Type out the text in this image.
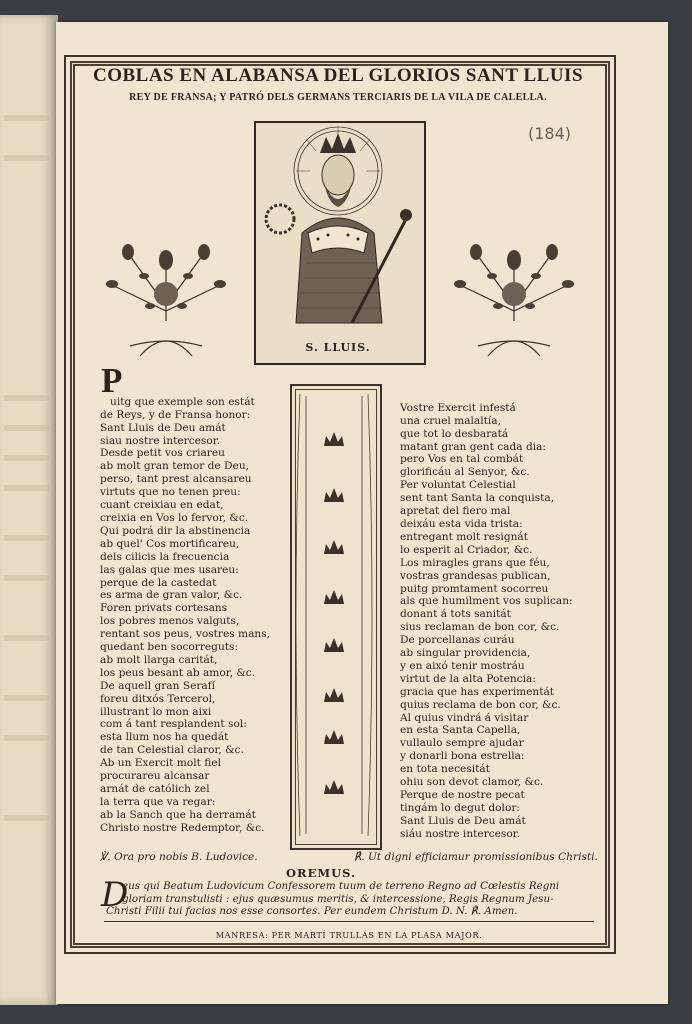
COBLAS EN ALABANSA DEL GLORIOS SANT LLUIS
REY DE FRANSA; Y PATRÓ DELS GERMANS TERCIARIS DE LA VILA DE CALELLA.
(184)
S. LLUIS.
P

uitg que exemple son estát
de Reys, y de Fransa honor:
Sant Lluis de Deu amát
siau nostre intercesor.
Desde petit vos criareu
ab molt gran temor de Deu,
perso, tant prest alcansareu
virtuts que no tenen preu:
cuant creixiau en edat,
creixia en Vos lo fervor, &c.
Qui podrá dir la abstinencia
ab quel' Cos mortificareu,
dels cilicis la frecuencia
las galas que mes usareu:
perque de la castedat
es arma de gran valor, &c.
Foren privats cortesans
los pobres menos valguts,
rentant sos peus, vostres mans,
quedant ben socorreguts:
ab molt llarga caritát,
los peus besant ab amor, &c.
De aquell gran Serafí
foreu ditxós Tercerol,
illustrant lo mon aixi
com á tant resplandent sol:
esta llum nos ha quedát
de tan Celestial claror, &c.
Ab un Exercit molt fiel
procurareu alcansar
arnát de católich zel
la terra que va regar:
ab la Sanch que ha derramát
Christo nostre Redemptor, &c.

Vostre Exercit infestá
una cruel malaltía,
que tot lo desbaratá
matant gran gent cada dia:
pero Vos en tal combát
glorificáu al Senyor, &c.
Per voluntat Celestial
sent tant Santa la conquista,
apretat del fiero mal
deixáu esta vida trista:
entregant molt resignát
lo esperit al Criador, &c.
Los miragles grans que féu,
vostras grandesas publican,
puitg promtament socorreu
als que humilment vos suplican:
donant á tots sanitát
sius reclaman de bon cor, &c.
De porcellanas curáu
ab singular providencia,
y en aixó tenir mostráu
virtut de la alta Potencia:
gracia que has experimentát
quius reclama de bon cor, &c.
Al quius vindrá á visitar
en esta Santa Capella,
vullaulo sempre ajudar
y donarli bona estrella:
en tota necesitát
ohiu son devot clamor, &c.
Perque de nostre pecat
tingám lo degut dolor:
Sant Lluis de Deu amát
siáu nostre intercesor.

℣. Ora pro nobis B. Ludovice.	℟. Ut digni efficiamur promissionibus Christi.
OREMUS.
D
eus qui Beatum Ludovicum Confessorem tuum de terreno Regno ad Cœlestis Regni
gloriam transtulisti : ejus quæsumus meritis, & intercessione, Regis Regnum Jesu-
Christi Filii tui facias nos esse consortes. Per eundem Christum D. N. ℟. Amen.
MANRESA: PER MARTÍ TRULLÁS EN LA PLASA MAJOR.
